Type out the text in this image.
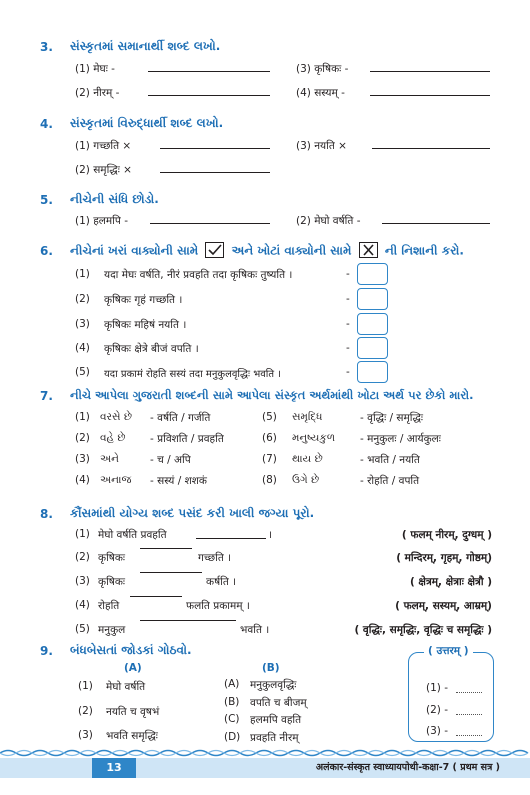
3. સંસ્કૃતમાં સમાનાર્થી શબ્દ લખો.
(1) मेघः -	(3) कृषिकः -
(2) नीरम् -	(4) सस्यम् -
4. સંસ્કૃતમાં વિરુદ્ધાર્થી શબ્દ લખો.
(1) गच्छति ×	(3) नयति ×
(2) समृद्धिः ×
5. નીચેની સંધિ છોડો.
(1) हलमपि -	(2) मेघो वर्षति -
6. નીચેનાં ખરાં વાક્યોની સામે	અને ખોટાં વાક્યોની સામે	ની નિશાની કરો.
(1) यदा मेघः वर्षति, नीरं प्रवहति तदा कृषिकः तुष्यति ।	-
(2) कृषिकः गृहं गच्छति ।	-
(3) कृषिकः महिषं नयति ।	-
(4) कृषिकः क्षेत्रे बीजं वपति ।	-
(5) यदा प्रकामं रोहति सस्यं तदा मनुकुलवृद्धिः भवति ।	-
7. નીચે આપેલા ગુજરાતી શબ્દની સામે આપેલા સંસ્કૃત અર્થમાંથી ખોટા અર્થ પર છેકો મારો.
(1) વરસે છે - वर्षति / गर्जति	(5) સમૃદ્ધિ	- वृद्धिः / समृद्धिः
(2) વહે છે - प्रविशति / प्रवहति	(6) મનુષ્યકુળ - मनुकुलः / आर्यकुलः
(3) અને	- च / अपि	(7) થાય છે	- भवति / नयति
(4) અનાજ - सस्यं / शशकं	(8) ઉગે છે	- रोहति / वपति
8. કૌંસમાંથી યોગ્ય શબ્દ પસંદ કરી ખાલી જગ્યા પૂરો.
(1) मेघो वर्षति प्रवहति	।	( फलम् नीरम्, दुग्धम् )
(2) कृषिकः	गच्छति ।	( मन्दिरम्, गृहम्, गोष्ठम्)
(3) कृषिकः	कर्षति ।	( क्षेत्रम्, क्षेत्राः क्षेत्रौ )
(4) रोहति	फलति प्रकामम् ।	( फलम्, सस्यम्, आम्रम्)
(5) मनुकुल	भवति ।	( वृद्धिः, समृद्धिः, वृद्धिः च समृद्धिः )
9. બંધબેસતાં જોડકાં ગોઠવો.
(A)	(B)
(1) मेघो वर्षति
(2) नयति च वृषभं
(3) भवति समृद्धिः
(A) मनुकुलवृद्धिः
(B) वपति च बीजम्
(C) हलमपि वहति
(D) प्रवहति नीरम्
( उत्तरम् )
(1) -
(2) -
(3) -
13	अलंकार-संस्कृत स्वाध्यायपोथी-कक्षा-7 ( प्रथम सत्र )
